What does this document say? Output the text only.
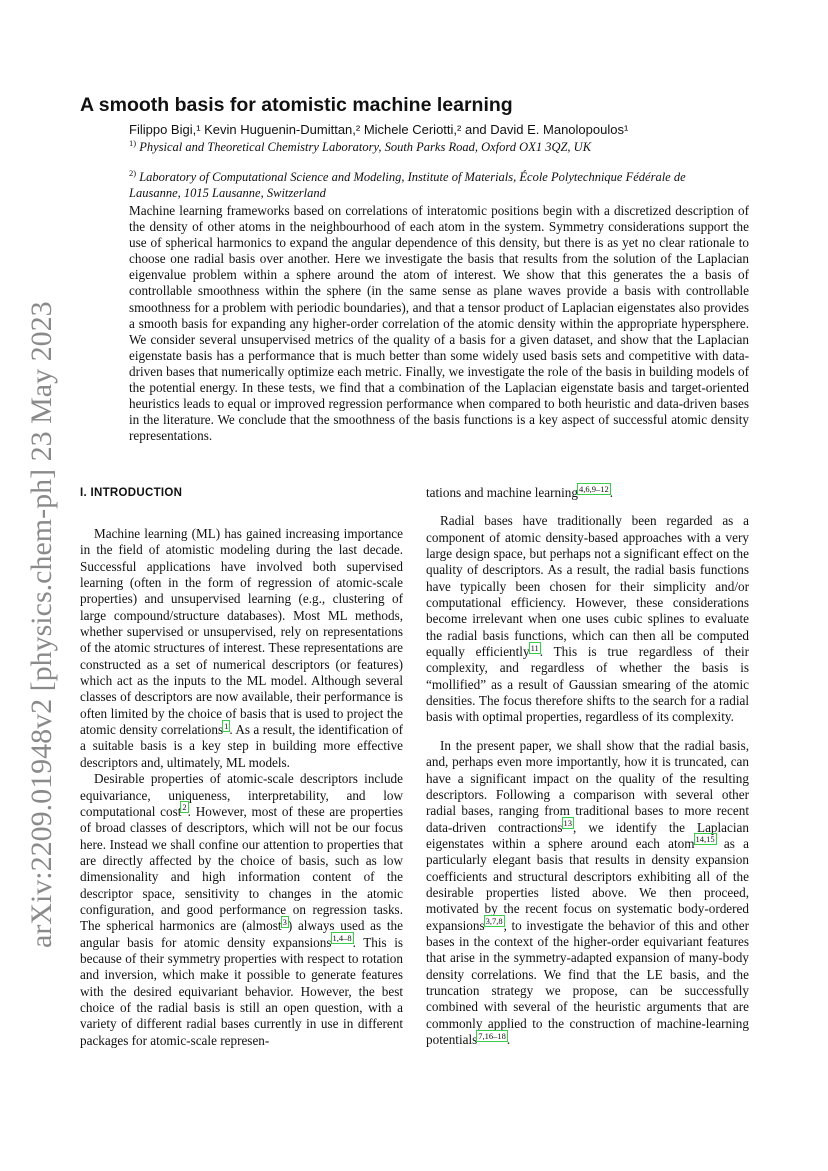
arXiv:2209.01948v2 [physics.chem-ph] 23 May 2023
A smooth basis for atomistic machine learning
Filippo Bigi,¹ Kevin Huguenin-Dumittan,² Michele Ceriotti,² and David E. Manolopoulos¹
$^{1)}$ Physical and Theoretical Chemistry Laboratory, South Parks Road, Oxford OX1 3QZ, UK
$^{2)}$ Laboratory of Computational Science and Modeling, Institute of Materials, École Polytechnique Fédérale de Lausanne, 1015 Lausanne, Switzerland
Machine learning frameworks based on correlations of interatomic positions begin with a discretized description of the density of other atoms in the neighbourhood of each atom in the system. Symmetry considerations support the use of spherical harmonics to expand the angular dependence of this density, but there is as yet no clear rationale to choose one radial basis over another. Here we investigate the basis that results from the solution of the Laplacian eigenvalue problem within a sphere around the atom of interest. We show that this generates the a basis of controllable smoothness within the sphere (in the same sense as plane waves provide a basis with controllable smoothness for a problem with periodic boundaries), and that a tensor product of Laplacian eigenstates also provides a smooth basis for expanding any higher-order correlation of the atomic density within the appropriate hypersphere. We consider several unsupervised metrics of the quality of a basis for a given dataset, and show that the Laplacian eigenstate basis has a performance that is much better than some widely used basis sets and competitive with data-driven bases that numerically optimize each metric. Finally, we investigate the role of the basis in building models of the potential energy. In these tests, we find that a combination of the Laplacian eigenstate basis and target-oriented heuristics leads to equal or improved regression performance when compared to both heuristic and data-driven bases in the literature. We conclude that the smoothness of the basis functions is a key aspect of successful atomic density representations.
I. INTRODUCTION

Machine learning (ML) has gained increasing importance in the field of atomistic modeling during the last decade. Successful applications have involved both supervised learning (often in the form of regression of atomic-scale properties) and unsupervised learning (e.g., clustering of large compound/structure databases). Most ML methods, whether supervised or unsupervised, rely on representations of the atomic structures of interest. These representations are constructed as a set of numerical descriptors (or features) which act as the inputs to the ML model. Although several classes of descriptors are now available, their performance is often limited by the choice of basis that is used to project the atomic density correlations$^1$. As a result, the identification of a suitable basis is a key step in building more effective descriptors and, ultimately, ML models.

Desirable properties of atomic-scale descriptors include equivariance, uniqueness, interpretability, and low computational cost$^2$. However, most of these are properties of broad classes of descriptors, which will not be our focus here. Instead we shall confine our attention to properties that are directly affected by the choice of basis, such as low dimensionality and high information content of the descriptor space, sensitivity to changes in the atomic configuration, and good performance on regression tasks. The spherical harmonics are (almost$^3$) always used as the angular basis for atomic density expansions$^{1,4-8}$. This is because of their symmetry properties with respect to rotation and inversion, which make it possible to generate features with the desired equivariant behavior. However, the best choice of the radial basis is still an open question, with a variety of different radial bases currently in use in different packages for atomic-scale represen-

tations and machine learning$^{4,6,9-12}$.

Radial bases have traditionally been regarded as a component of atomic density-based approaches with a very large design space, but perhaps not a significant effect on the quality of descriptors. As a result, the radial basis functions have typically been chosen for their simplicity and/or computational efficiency. However, these considerations become irrelevant when one uses cubic splines to evaluate the radial basis functions, which can then all be computed equally efficiently$^{11}$. This is true regardless of their complexity, and regardless of whether the basis is “mollified” as a result of Gaussian smearing of the atomic densities. The focus therefore shifts to the search for a radial basis with optimal properties, regardless of its complexity.

In the present paper, we shall show that the radial basis, and, perhaps even more importantly, how it is truncated, can have a significant impact on the quality of the resulting descriptors. Following a comparison with several other radial bases, ranging from traditional bases to more recent data-driven contractions$^{13}$, we identify the Laplacian eigenstates within a sphere around each atom$^{14,15}$ as a particularly elegant basis that results in density expansion coefficients and structural descriptors exhibiting all of the desirable properties listed above. We then proceed, motivated by the recent focus on systematic body-ordered expansions$^{3,7,8}$, to investigate the behavior of this and other bases in the context of the higher-order equivariant features that arise in the symmetry-adapted expansion of many-body density correlations. We find that the LE basis, and the truncation strategy we propose, can be successfully combined with several of the heuristic arguments that are commonly applied to the construction of machine-learning potentials$^{7,16-18}$.
